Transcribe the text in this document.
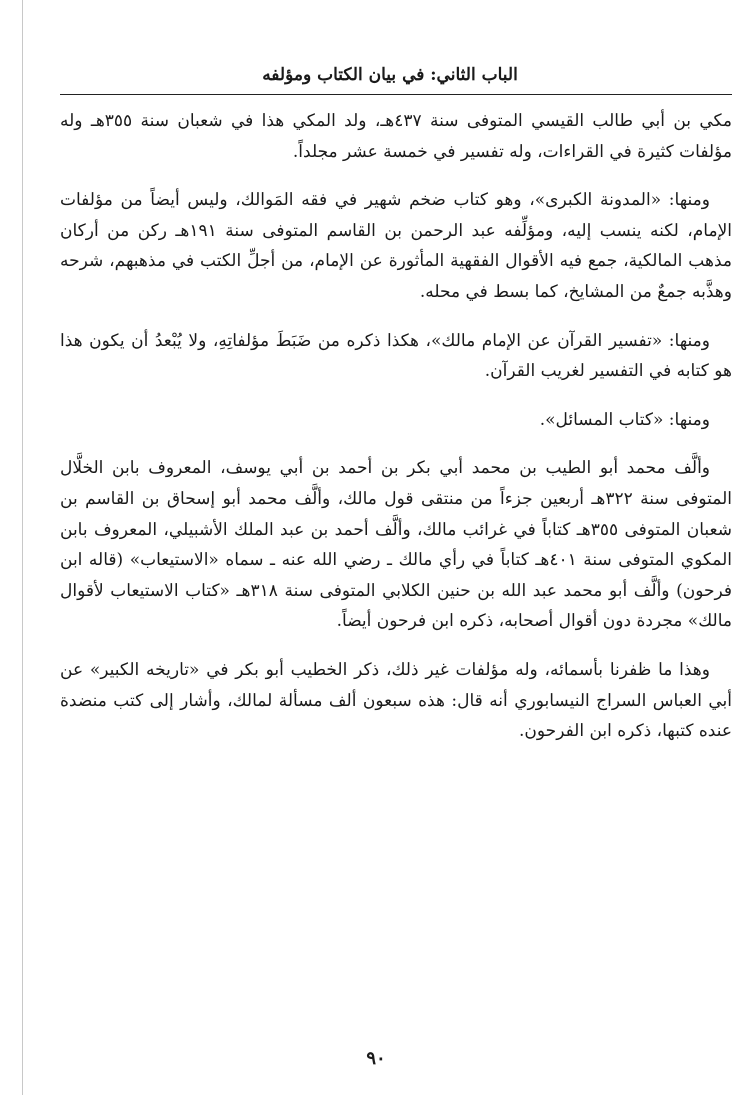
الباب الثاني: في بيان الكتاب ومؤلفه

مكي بن أبي طالب القيسي المتوفى سنة ٤٣٧هـ، ولد المكي هذا في شعبان سنة ٣٥٥هـ وله مؤلفات كثيرة في القراءات، وله تفسير في خمسة عشر مجلداً.

ومنها: «المدونة الكبرى»، وهو كتاب ضخم شهير في فقه المَوالك، وليس أيضاً من مؤلفات الإمام، لكنه ينسب إليه، ومؤلِّفه عبد الرحمن بن القاسم المتوفى سنة ١٩١هـ ركن من أركان مذهب المالكية، جمع فيه الأقوال الفقهية المأثورة عن الإمام، من أجلِّ الكتب في مذهبهم، شرحه وهذَّبه جمعٌ من المشايخ، كما بسط في محله.

ومنها: «تفسير القرآن عن الإمام مالك»، هكذا ذكره من ضَبَطَ مؤلفاتِهِ، ولا يُبْعدُ أن يكون هذا هو كتابه في التفسير لغريب القرآن.

ومنها: «كتاب المسائل».

وألَّف محمد أبو الطيب بن محمد أبي بكر بن أحمد بن أبي يوسف، المعروف بابن الخلَّال المتوفى سنة ٣٢٢هـ أربعين جزءاً من منتقى قول مالك، وألَّف محمد أبو إسحاق بن القاسم بن شعبان المتوفى ٣٥٥هـ كتاباً في غرائب مالك، وألَّف أحمد بن عبد الملك الأشبيلي، المعروف بابن المكوي المتوفى سنة ٤٠١هـ كتاباً في رأي مالك ـ رضي الله عنه ـ سماه «الاستيعاب» (قاله ابن فرحون) وألَّف أبو محمد عبد الله بن حنين الكلابي المتوفى سنة ٣١٨هـ «كتاب الاستيعاب لأقوال مالك» مجردة دون أقوال أصحابه، ذكره ابن فرحون أيضاً.

وهذا ما ظفرنا بأسمائه، وله مؤلفات غير ذلك، ذكر الخطيب أبو بكر في «تاريخه الكبير» عن أبي العباس السراج النيسابوري أنه قال: هذه سبعون ألف مسألة لمالك، وأشار إلى كتب منضدة عنده كتبها، ذكره ابن الفرحون.

٩٠
